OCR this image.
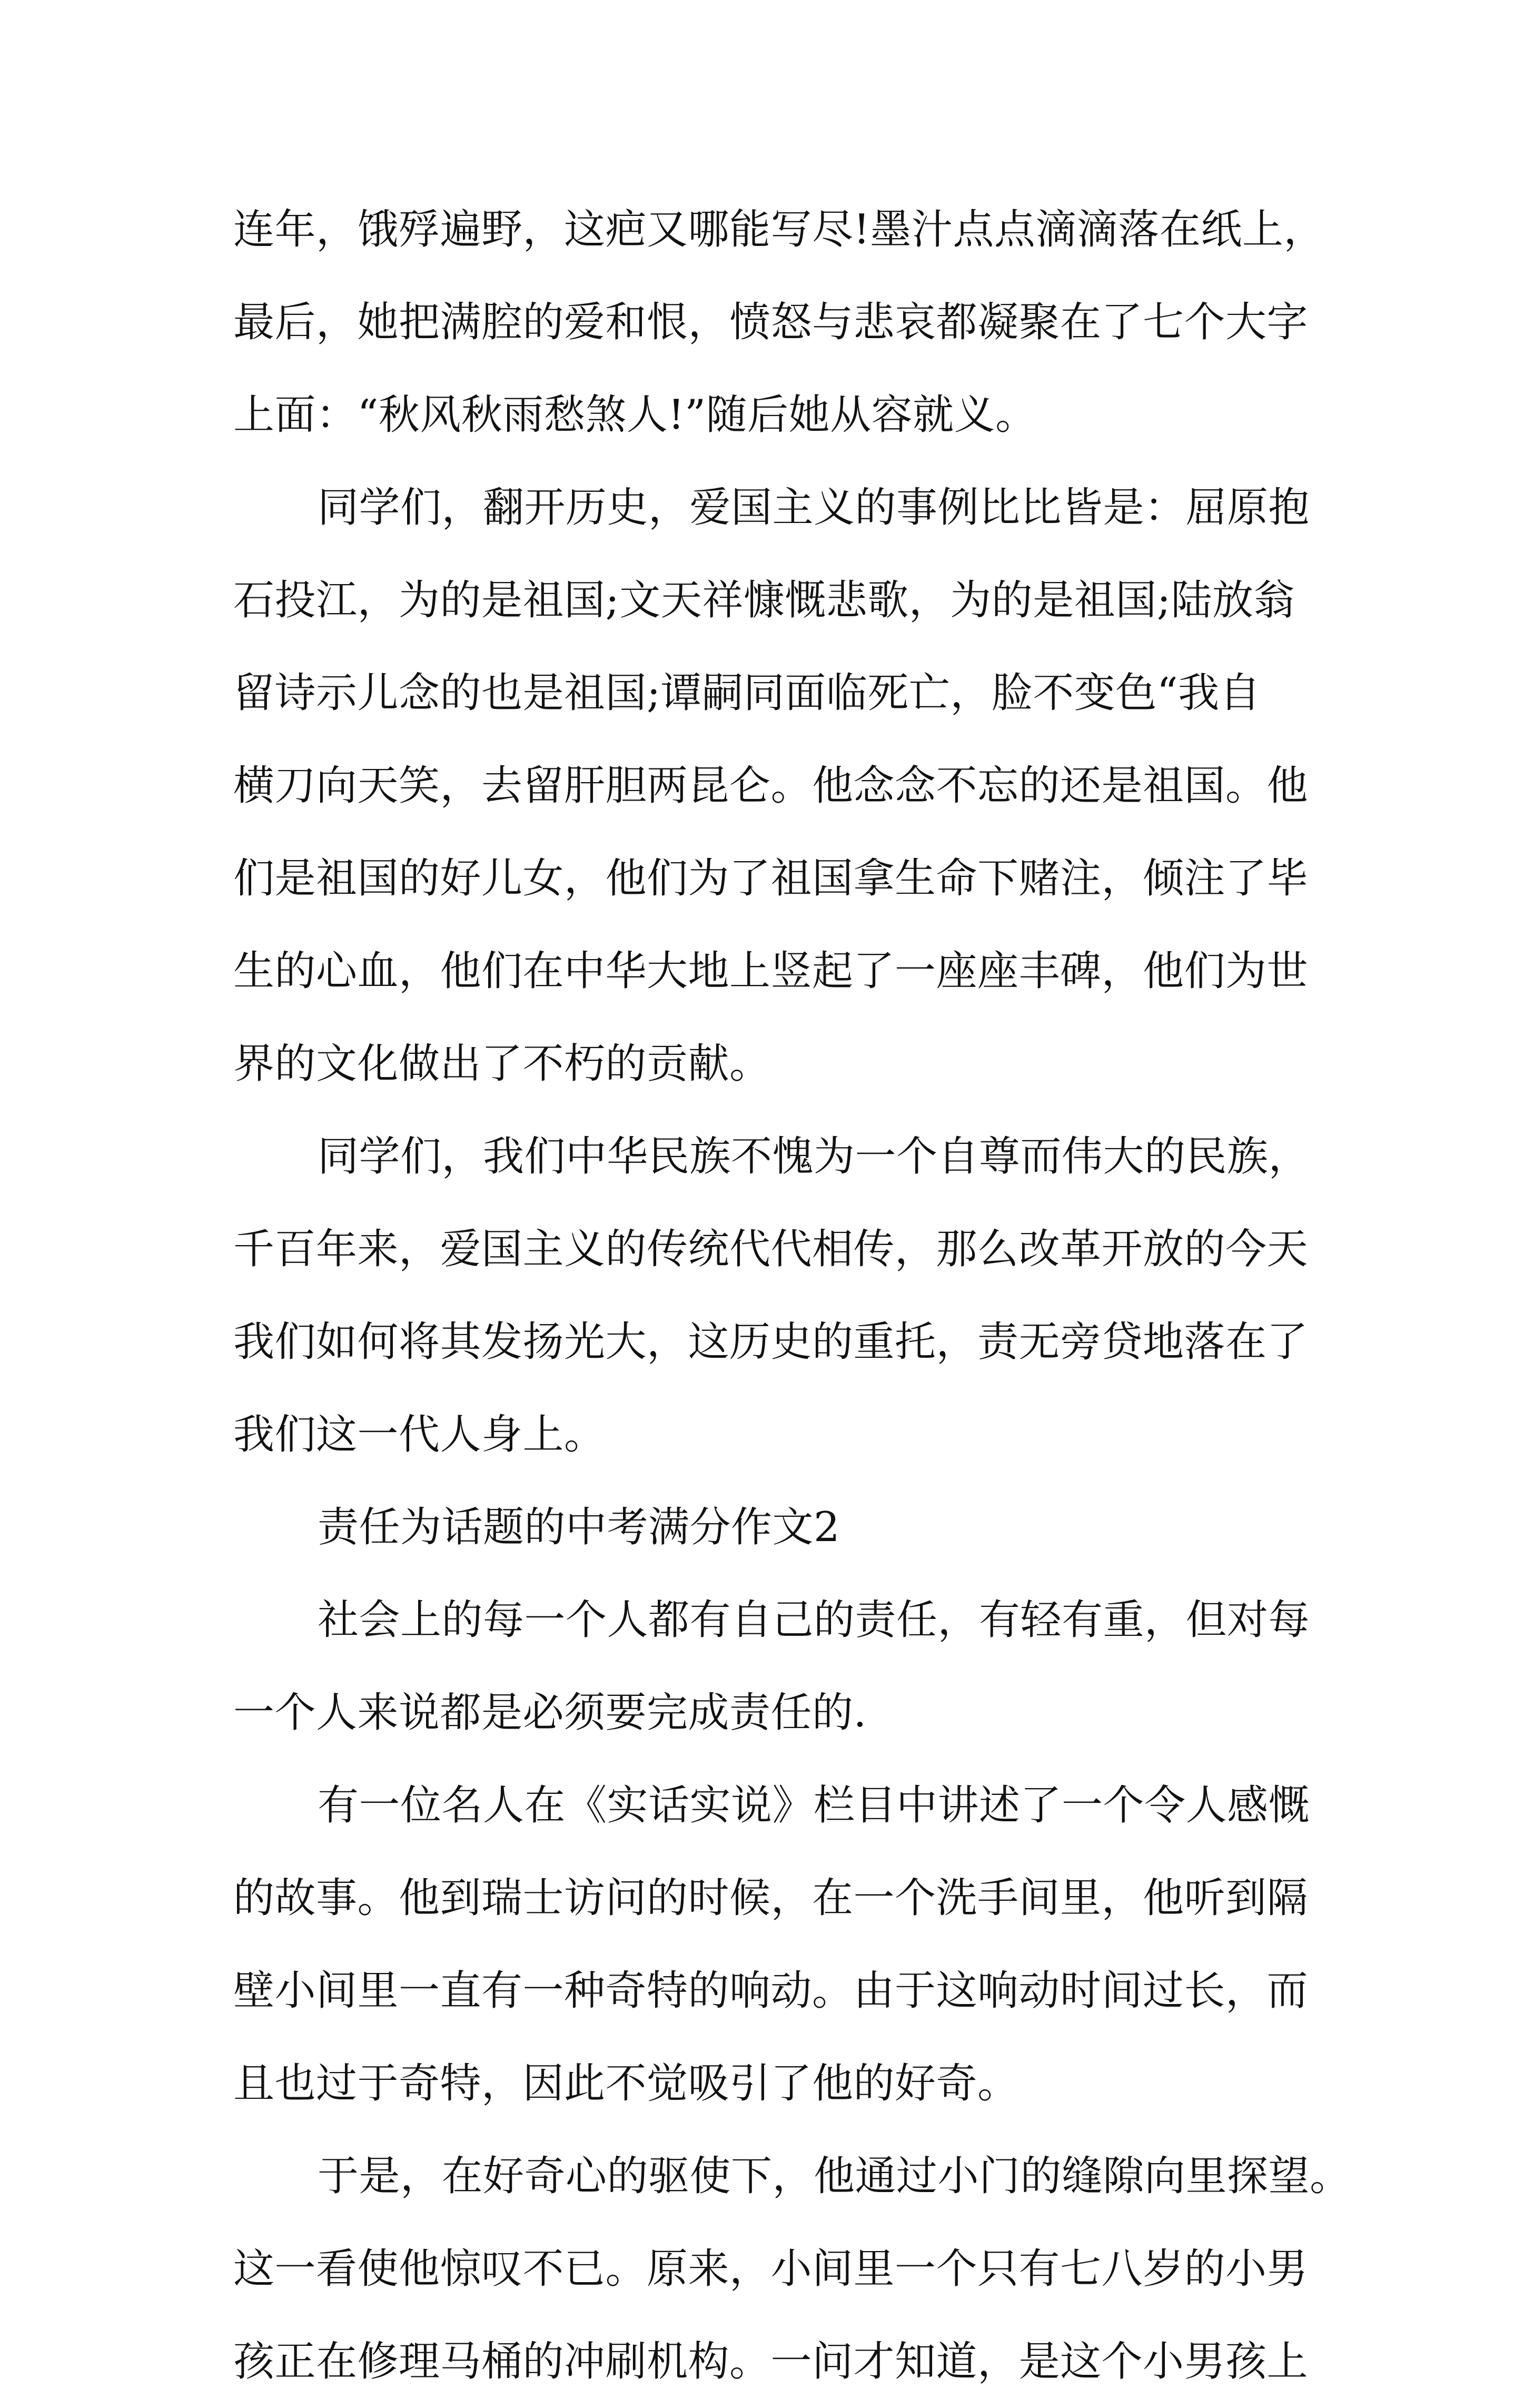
连年，饿殍遍野，这疤又哪能写尽!墨汁点点滴滴落在纸上，
最后，她把满腔的爱和恨，愤怒与悲哀都凝聚在了七个大字
上面：“秋风秋雨愁煞人!”随后她从容就义。
同学们，翻开历史，爱国主义的事例比比皆是：屈原抱
石投江，为的是祖国;文天祥慷慨悲歌，为的是祖国;陆放翁
留诗示儿念的也是祖国;谭嗣同面临死亡，脸不变色“我自
横刀向天笑，去留肝胆两昆仑。他念念不忘的还是祖国。他
们是祖国的好儿女，他们为了祖国拿生命下赌注，倾注了毕
生的心血，他们在中华大地上竖起了一座座丰碑，他们为世
界的文化做出了不朽的贡献。
同学们，我们中华民族不愧为一个自尊而伟大的民族，
千百年来，爱国主义的传统代代相传，那么改革开放的今天
我们如何将其发扬光大，这历史的重托，责无旁贷地落在了
我们这一代人身上。
责任为话题的中考满分作文2
社会上的每一个人都有自己的责任，有轻有重，但对每
一个人来说都是必须要完成责任的.
有一位名人在《实话实说》栏目中讲述了一个令人感慨
的故事。他到瑞士访问的时候，在一个洗手间里，他听到隔
壁小间里一直有一种奇特的响动。由于这响动时间过长，而
且也过于奇特，因此不觉吸引了他的好奇。
于是，在好奇心的驱使下，他通过小门的缝隙向里探望。
这一看使他惊叹不已。原来，小间里一个只有七八岁的小男
孩正在修理马桶的冲刷机构。一问才知道，是这个小男孩上
